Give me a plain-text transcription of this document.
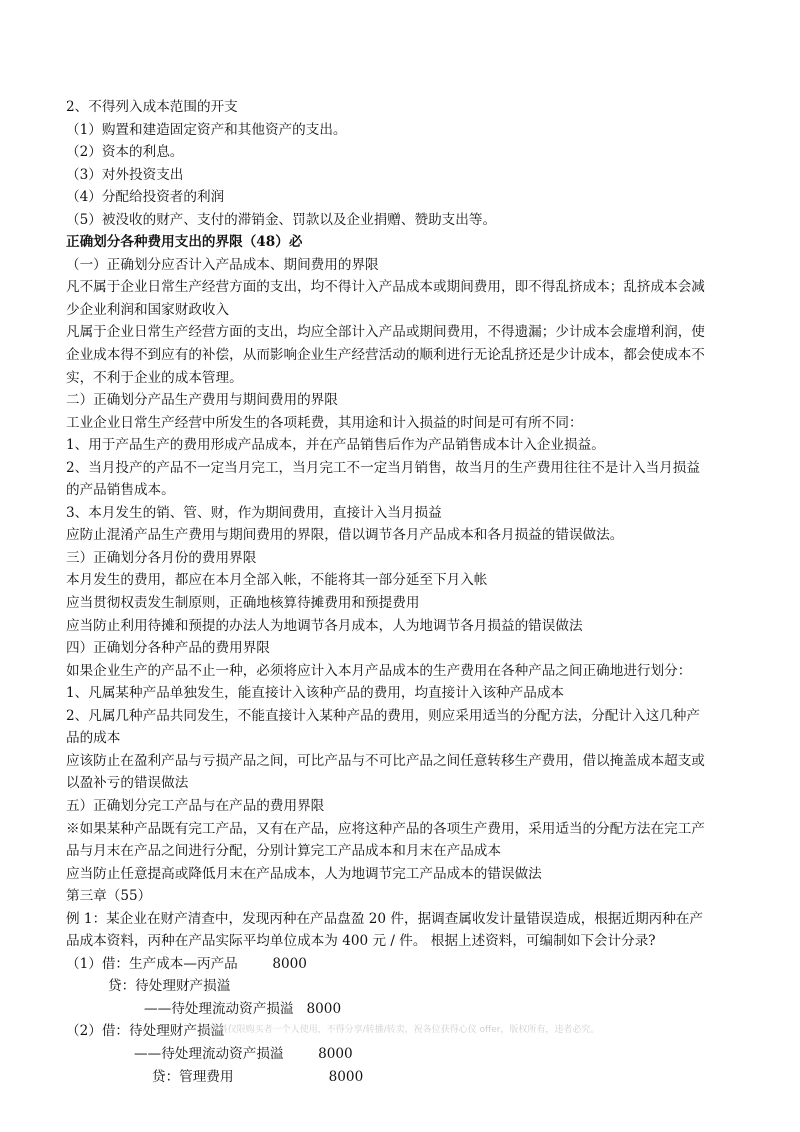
2、不得列入成本范围的开支
（1）购置和建造固定资产和其他资产的支出。
（2）资本的利息。
（3）对外投资支出
（4）分配给投资者的利润
（5）被没收的财产、支付的滞销金、罚款以及企业捐赠、赞助支出等。
正确划分各种费用支出的界限（48）必
（一）正确划分应否计入产品成本、期间费用的界限
凡不属于企业日常生产经营方面的支出，均不得计入产品成本或期间费用，即不得乱挤成本；乱挤成本会减
少企业利润和国家财政收入
凡属于企业日常生产经营方面的支出，均应全部计入产品或期间费用，不得遗漏；少计成本会虚增利润，使
企业成本得不到应有的补偿，从而影响企业生产经营活动的顺利进行无论乱挤还是少计成本，都会使成本不
实，不利于企业的成本管理。
二）正确划分产品生产费用与期间费用的界限
工业企业日常生产经营中所发生的各项耗费，其用途和计入损益的时间是可有所不同：
1、用于产品生产的费用形成产品成本，并在产品销售后作为产品销售成本计入企业损益。
2、当月投产的产品不一定当月完工，当月完工不一定当月销售，故当月的生产费用往往不是计入当月损益
的产品销售成本。
3、本月发生的销、管、财，作为期间费用，直接计入当月损益
应防止混淆产品生产费用与期间费用的界限，借以调节各月产品成本和各月损益的错误做法。
三）正确划分各月份的费用界限
本月发生的费用，都应在本月全部入帐，不能将其一部分延至下月入帐
应当贯彻权责发生制原则，正确地核算待摊费用和预提费用
应当防止利用待摊和预提的办法人为地调节各月成本，人为地调节各月损益的错误做法
四）正确划分各种产品的费用界限
如果企业生产的产品不止一种，必须将应计入本月产品成本的生产费用在各种产品之间正确地进行划分：
1、凡属某种产品单独发生，能直接计入该种产品的费用，均直接计入该种产品成本
2、凡属几种产品共同发生，不能直接计入某种产品的费用，则应采用适当的分配方法，分配计入这几种产
品的成本
应该防止在盈利产品与亏损产品之间，可比产品与不可比产品之间任意转移生产费用，借以掩盖成本超支或
以盈补亏的错误做法
五）正确划分完工产品与在产品的费用界限
※如果某种产品既有完工产品，又有在产品，应将这种产品的各项生产费用，采用适当的分配方法在完工产
品与月末在产品之间进行分配，分别计算完工产品成本和月末在产品成本
应当防止任意提高或降低月末在产品成本，人为地调节完工产品成本的错误做法
第三章（55）
例 1：某企业在财产清查中，发现丙种在产品盘盈 20 件，据调查属收发计量错误造成，根据近期丙种在产
品成本资料，丙种在产品实际平均单位成本为 400 元 / 件。 根据上述资料，可编制如下会计分录?
（1）借：生产成本—丙产品        8000
贷：待处理财产损溢
——待处理流动资产损溢   8000
（2）借：待处理财产损溢
——待处理流动资产损溢        8000
贷：管理费用                      8000
本资料仅限购买者一个人使用，不得分享/转播/转卖，祝各位获得心仪 offer，版权所有，违者必究。
